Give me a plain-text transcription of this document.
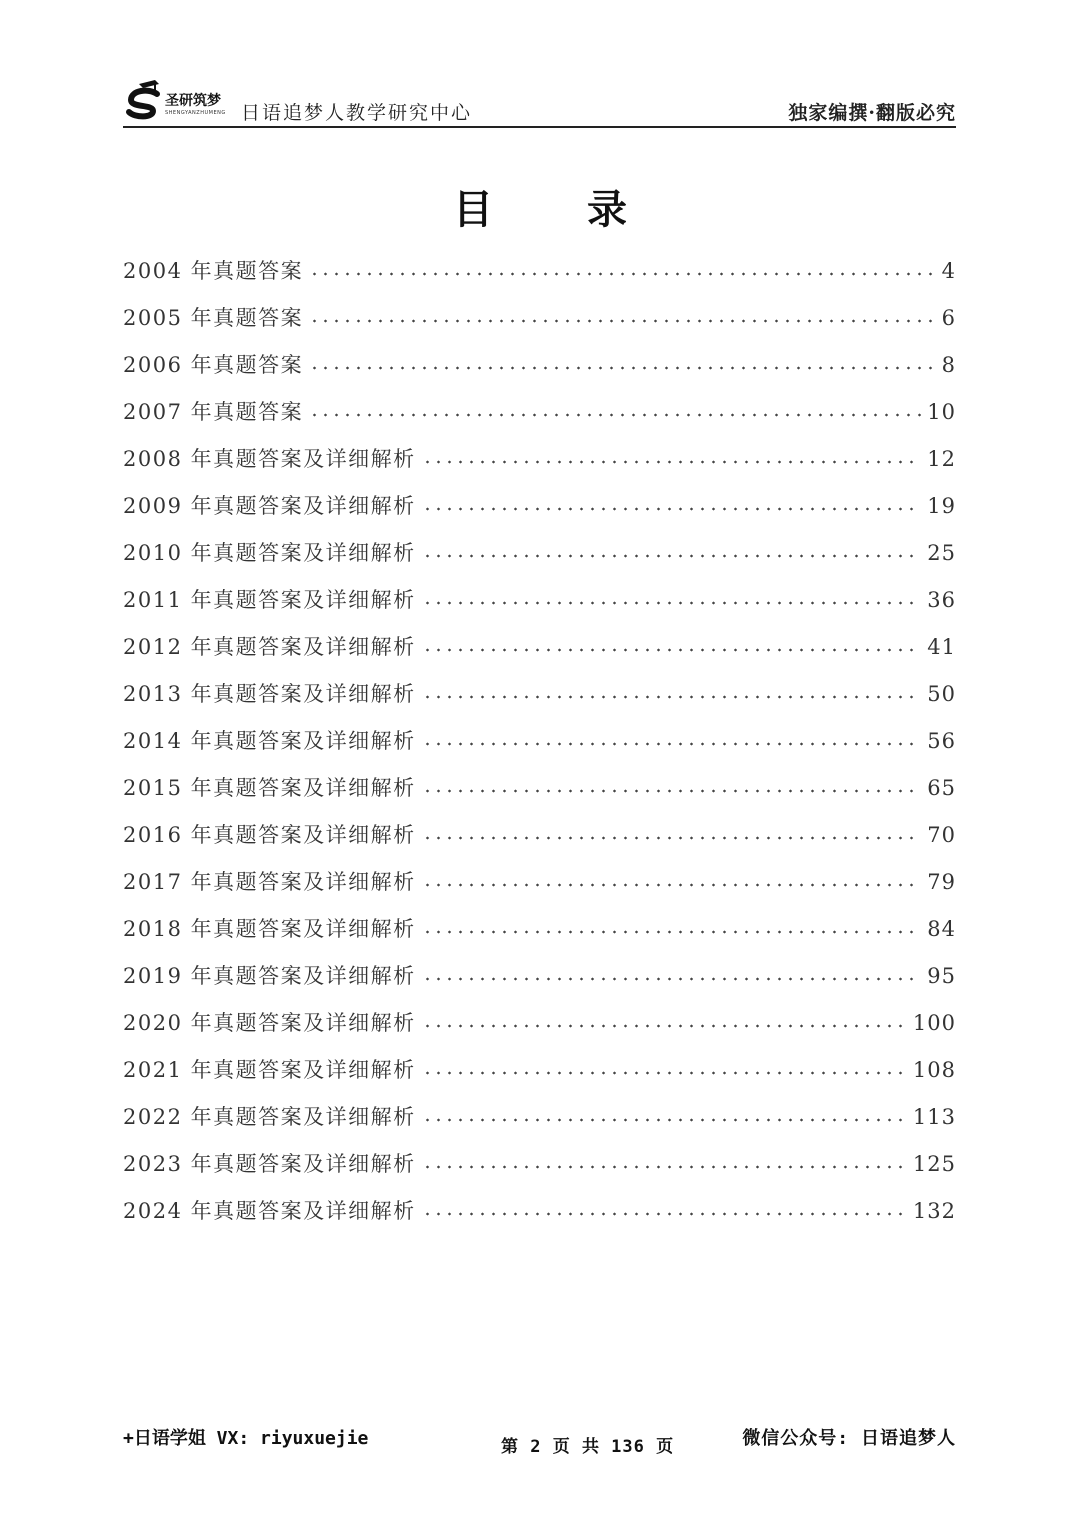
圣研筑梦
SHENGYANZHUMENG 日语追梦人教学研究中心	独家编撰·翻版必究
目 录
2004 年真题答案	4
2005 年真题答案	6
2006 年真题答案	8
2007 年真题答案	10
2008 年真题答案及详细解析	12
2009 年真题答案及详细解析	19
2010 年真题答案及详细解析	25
2011 年真题答案及详细解析	36
2012 年真题答案及详细解析	41
2013 年真题答案及详细解析	50
2014 年真题答案及详细解析	56
2015 年真题答案及详细解析	65
2016 年真题答案及详细解析	70
2017 年真题答案及详细解析	79
2018 年真题答案及详细解析	84
2019 年真题答案及详细解析	95
2020 年真题答案及详细解析	100
2021 年真题答案及详细解析	108
2022 年真题答案及详细解析	113
2023 年真题答案及详细解析	125
2024 年真题答案及详细解析	132
+日语学姐 VX: riyuxuejie	第 2 页 共 136 页	微信公众号: 日语追梦人
